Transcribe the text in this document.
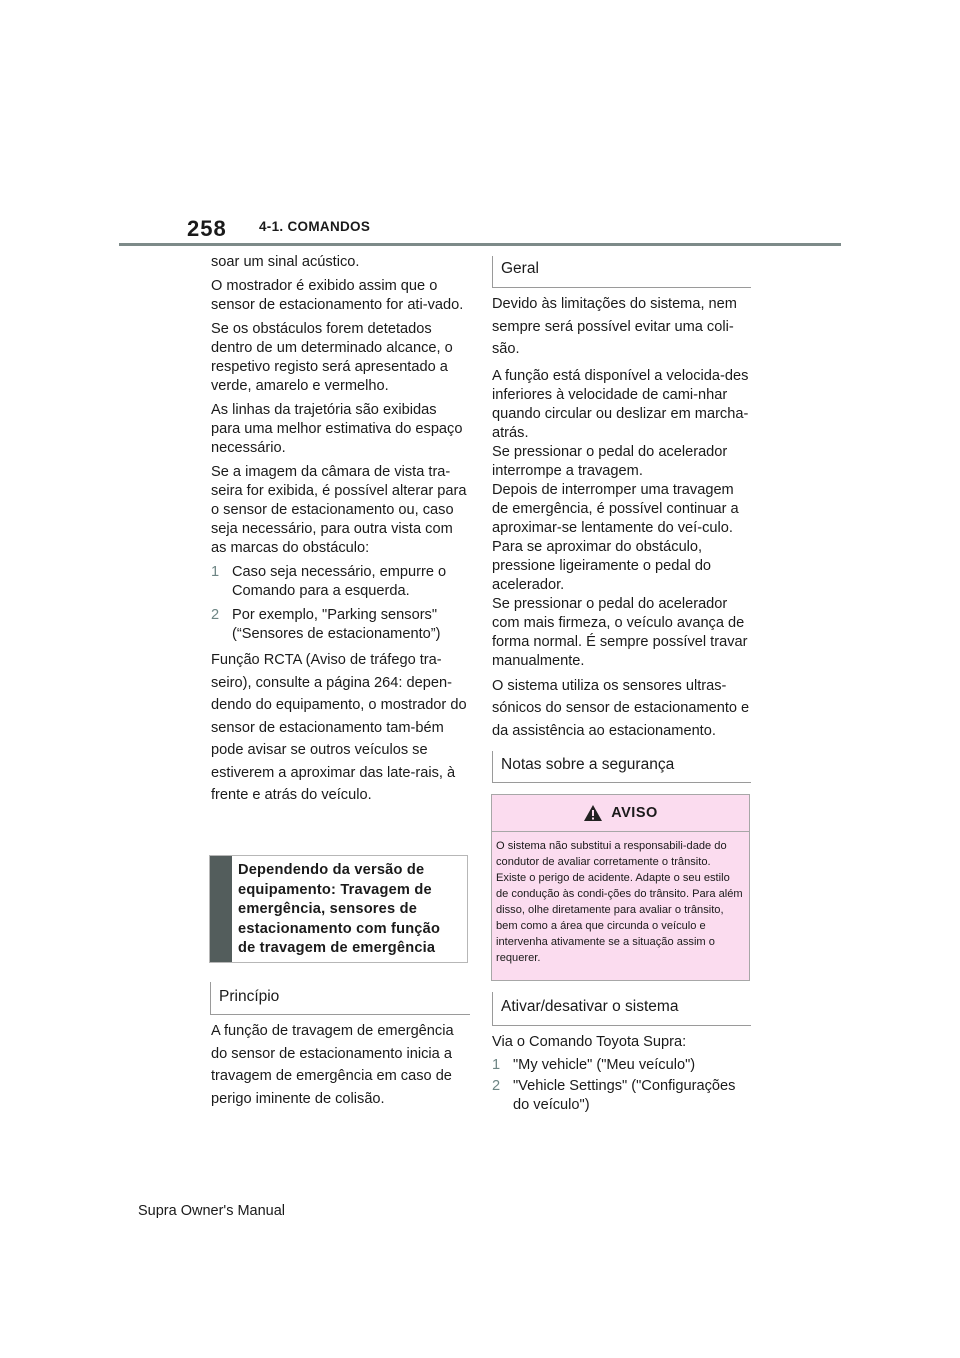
258 4-1. COMANDOS

soar um sinal acústico.

O mostrador é exibido assim que o sensor de estacionamento for ati-vado.

Se os obstáculos forem detetados dentro de um determinado alcance, o respetivo registo será apresentado a verde, amarelo e vermelho.

As linhas da trajetória são exibidas para uma melhor estimativa do espaço necessário.

Se a imagem da câmara de vista tra-seira for exibida, é possível alterar para o sensor de estacionamento ou, caso seja necessário, para outra vista com as marcas do obstáculo:

1 Caso seja necessário, empurre o Comando para a esquerda.
2 Por exemplo, "Parking sensors" (“Sensores de estacionamento”)

Função RCTA (Aviso de tráfego tra-seiro), consulte a página 264: depen-dendo do equipamento, o mostrador do sensor de estacionamento tam-bém pode avisar se outros veículos se estiverem a aproximar das late-rais, à frente e atrás do veículo.

Dependendo da versão de equipamento: Travagem de emergência, sensores de estacionamento com função de travagem de emergência
Princípio

A função de travagem de emergência do sensor de estacionamento inicia a travagem de emergência em caso de perigo iminente de colisão.

Geral

Devido às limitações do sistema, nem sempre será possível evitar uma coli-são.

A função está disponível a velocida-des inferiores à velocidade de cami-nhar quando circular ou deslizar em marcha-atrás.

Se pressionar o pedal do acelerador interrompe a travagem.

Depois de interromper uma travagem de emergência, é possível continuar a aproximar-se lentamente do veí-culo. Para se aproximar do obstáculo, pressione ligeiramente o pedal do acelerador.

Se pressionar o pedal do acelerador com mais firmeza, o veículo avança de forma normal. É sempre possível travar manualmente.

O sistema utiliza os sensores ultras-sónicos do sensor de estacionamento e da assistência ao estacionamento.

Notas sobre a segurança
AVISO
O sistema não substitui a responsabili-dade do condutor de avaliar corretamente o trânsito. Existe o perigo de acidente. Adapte o seu estilo de condução às condi-ções do trânsito. Para além disso, olhe diretamente para avaliar o trânsito, bem como a área que circunda o veículo e intervenha ativamente se a situação assim o requerer.
Ativar/desativar o sistema

Via o Comando Toyota Supra:

1 "My vehicle" ("Meu veículo")
2 "Vehicle Settings" ("Configurações do veículo")
Supra Owner's Manual
